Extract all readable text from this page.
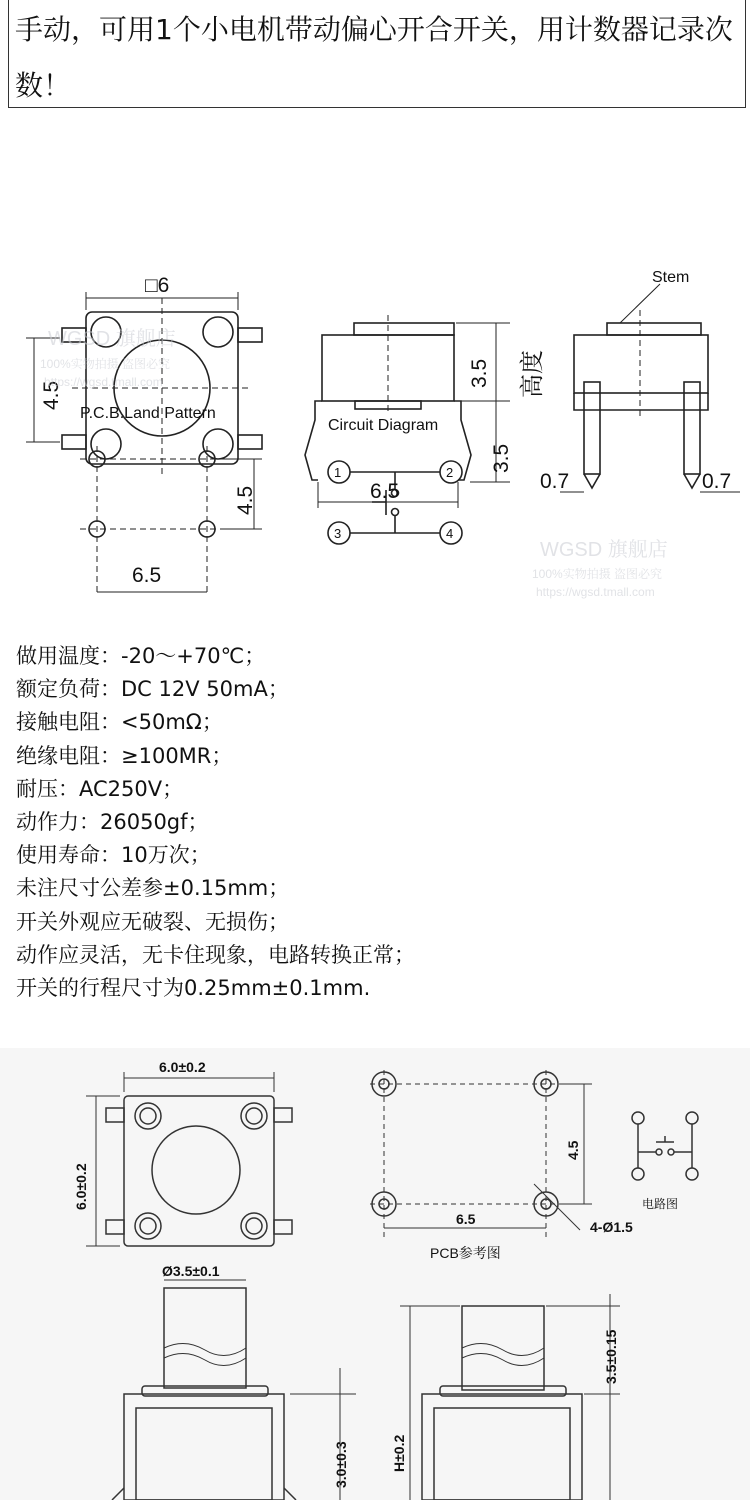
手动，可用1个小电机带动偏心开合开关，用计数器记录次数！
□6
4.5
Stem
3.5
3.5
高度
6.5	0.7	0.7
P.C.B.Land Pattern
4.5
6.5
Circuit Diagram
1	2
3	4
WGSD 旗舰店
100%实物拍摄 盗图必究
https://wgsd.tmall.com
WGSD 旗舰店
100%实物拍摄 盗图必究
https://wgsd.tmall.com
做用温度：-20～+70℃；
额定负荷：DC 12V 50mA；
接触电阻：<50mΩ；
绝缘电阻：≥100MR；
耐压：AC250V；
动作力：26050gf；
使用寿命：10万次；
未注尺寸公差参±0.15mm；
开关外观应无破裂、无损伤；
动作应灵活，无卡住现象，电路转换正常；
开关的行程尺寸为0.25mm±0.1mm.
6.0±0.2
6.0±0.2
4.5
6.5	4-Ø1.5
PCB参考图
电路图
Ø3.5±0.1
3.0±0.3	H±0.2
3.5±0.15
